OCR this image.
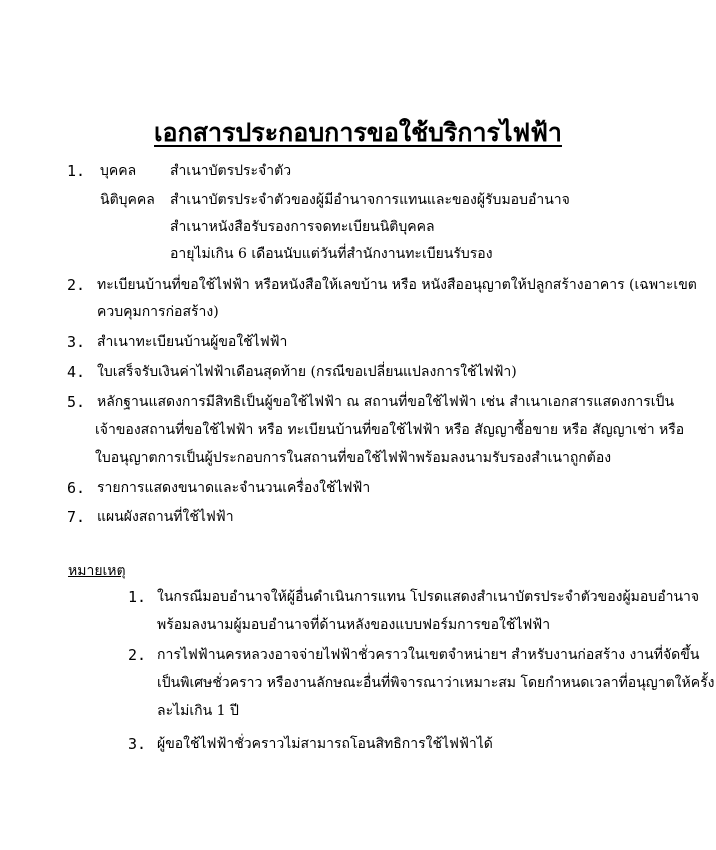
เอกสารประกอบการขอใช้บริการไฟฟ้า
1. บุคคล สำเนาบัตรประจำตัว
นิติบุคคล สำเนาบัตรประจำตัวของผู้มีอำนาจการแทนและของผู้รับมอบอำนาจ
สำเนาหนังสือรับรองการจดทะเบียนนิติบุคคล
อายุไม่เกิน 6 เดือนนับแต่วันที่สำนักงานทะเบียนรับรอง
2. ทะเบียนบ้านที่ขอใช้ไฟฟ้า หรือหนังสือให้เลขบ้าน หรือ หนังสืออนุญาตให้ปลูกสร้างอาคาร (เฉพาะเขต
ควบคุมการก่อสร้าง)
3. สำเนาทะเบียนบ้านผู้ขอใช้ไฟฟ้า
4. ใบเสร็จรับเงินค่าไฟฟ้าเดือนสุดท้าย (กรณีขอเปลี่ยนแปลงการใช้ไฟฟ้า)
5. หลักฐานแสดงการมีสิทธิเป็นผู้ขอใช้ไฟฟ้า ณ สถานที่ขอใช้ไฟฟ้า เช่น สำเนาเอกสารแสดงการเป็น
เจ้าของสถานที่ขอใช้ไฟฟ้า หรือ ทะเบียนบ้านที่ขอใช้ไฟฟ้า หรือ สัญญาซื้อขาย หรือ สัญญาเช่า หรือ
ใบอนุญาตการเป็นผู้ประกอบการในสถานที่ขอใช้ไฟฟ้าพร้อมลงนามรับรองสำเนาถูกต้อง
6. รายการแสดงขนาดและจำนวนเครื่องใช้ไฟฟ้า
7. แผนผังสถานที่ใช้ไฟฟ้า
หมายเหตุ
1. ในกรณีมอบอำนาจให้ผู้อื่นดำเนินการแทน โปรดแสดงสำเนาบัตรประจำตัวของผู้มอบอำนาจ
พร้อมลงนามผู้มอบอำนาจที่ด้านหลังของแบบฟอร์มการขอใช้ไฟฟ้า
2. การไฟฟ้านครหลวงอาจจ่ายไฟฟ้าชั่วคราวในเขตจำหน่ายฯ สำหรับงานก่อสร้าง งานที่จัดขึ้น
เป็นพิเศษชั่วคราว หรืองานลักษณะอื่นที่พิจารณาว่าเหมาะสม โดยกำหนดเวลาที่อนุญาตให้ครั้ง
ละไม่เกิน 1 ปี
3. ผู้ขอใช้ไฟฟ้าชั่วคราวไม่สามารถโอนสิทธิการใช้ไฟฟ้าได้
